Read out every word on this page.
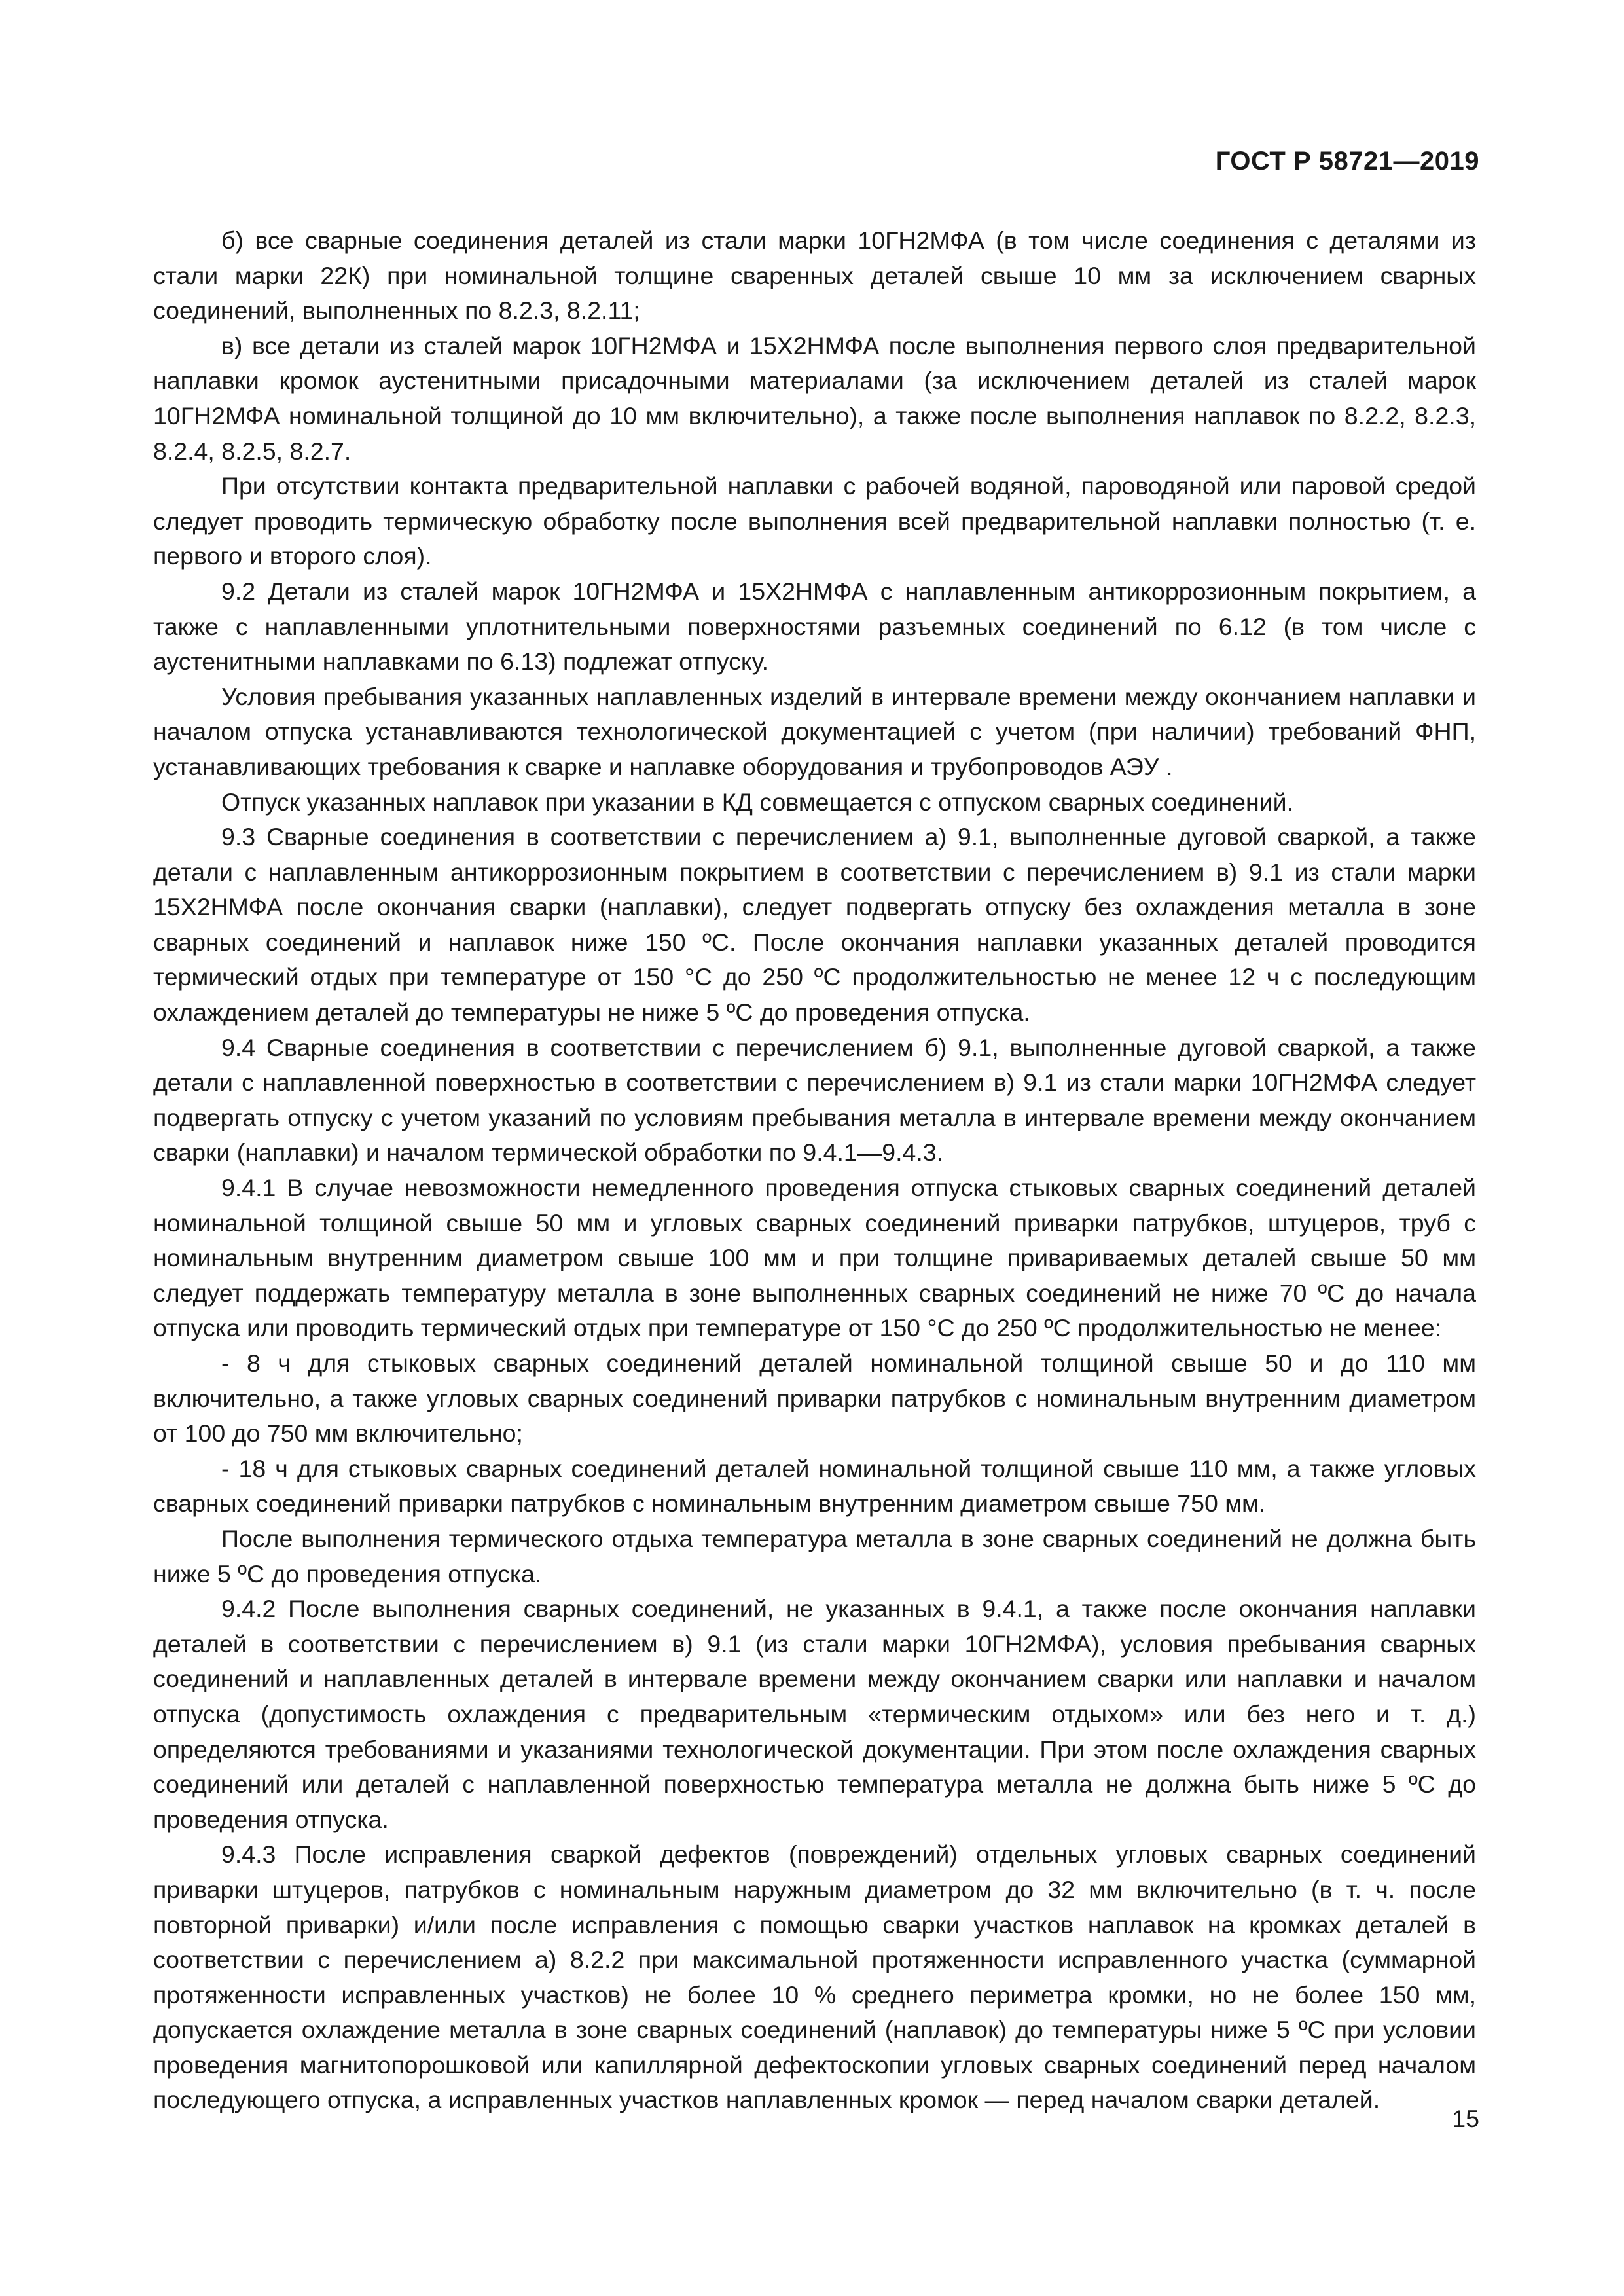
ГОСТ Р 58721—2019

б) все сварные соединения деталей из стали марки 10ГН2МФА (в том числе соединения с деталями из стали марки 22К) при номинальной толщине сваренных деталей свыше 10 мм за исключением сварных соединений, выполненных по 8.2.3, 8.2.11;

в) все детали из сталей марок 10ГН2МФА и 15Х2НМФА после выполнения первого слоя предварительной наплавки кромок аустенитными присадочными материалами (за исключением деталей из сталей марок 10ГН2МФА номинальной толщиной до 10 мм включительно), а также после выполнения наплавок по 8.2.2, 8.2.3, 8.2.4, 8.2.5, 8.2.7.

При отсутствии контакта предварительной наплавки с рабочей водяной, пароводяной или паровой средой следует проводить термическую обработку после выполнения всей предварительной наплавки полностью (т. е. первого и второго слоя).

9.2 Детали из сталей марок 10ГН2МФА и 15Х2НМФА с наплавленным антикоррозионным покрытием, а также с наплавленными уплотнительными поверхностями разъемных соединений по 6.12 (в том числе с аустенитными наплавками по 6.13) подлежат отпуску.

Условия пребывания указанных наплавленных изделий в интервале времени между окончанием наплавки и началом отпуска устанавливаются технологической документацией с учетом (при наличии) требований ФНП, устанавливающих требования к сварке и наплавке оборудования и трубопроводов АЭУ .

Отпуск указанных наплавок при указании в КД совмещается с отпуском сварных соединений.

9.3 Сварные соединения в соответствии с перечислением а) 9.1, выполненные дуговой сваркой, а также детали с наплавленным антикоррозионным покрытием в соответствии с перечислением в) 9.1 из стали марки 15Х2НМФА после окончания сварки (наплавки), следует подвергать отпуску без охлаждения металла в зоне сварных соединений и наплавок ниже 150 ºС. После окончания наплавки указанных деталей проводится термический отдых при температуре от 150 °С до 250 ºС продолжительностью не менее 12 ч с последующим охлаждением деталей до температуры не ниже 5 ºС до проведения отпуска.

9.4 Сварные соединения в соответствии с перечислением б) 9.1, выполненные дуговой сваркой, а также детали с наплавленной поверхностью в соответствии с перечислением в) 9.1 из стали марки 10ГН2МФА следует подвергать отпуску с учетом указаний по условиям пребывания металла в интервале времени между окончанием сварки (наплавки) и началом термической обработки по 9.4.1—9.4.3.

9.4.1 В случае невозможности немедленного проведения отпуска стыковых сварных соединений деталей номинальной толщиной свыше 50 мм и угловых сварных соединений приварки патрубков, штуцеров, труб с номинальным внутренним диаметром свыше 100 мм и при толщине привариваемых деталей свыше 50 мм следует поддержать температуру металла в зоне выполненных сварных соединений не ниже 70 ºС до начала отпуска или проводить термический отдых при температуре от 150 °С до 250 ºС продолжительностью не менее:

- 8 ч для стыковых сварных соединений деталей номинальной толщиной свыше 50 и до 110 мм включительно, а также угловых сварных соединений приварки патрубков с номинальным внутренним диаметром от 100 до 750 мм включительно;

- 18 ч для стыковых сварных соединений деталей номинальной толщиной свыше 110 мм, а также угловых сварных соединений приварки патрубков с номинальным внутренним диаметром свыше 750 мм.

После выполнения термического отдыха температура металла в зоне сварных соединений не должна быть ниже 5 ºС до проведения отпуска.

9.4.2 После выполнения сварных соединений, не указанных в 9.4.1, а также после окончания наплавки деталей в соответствии с перечислением в) 9.1 (из стали марки 10ГН2МФА), условия пребывания сварных соединений и наплавленных деталей в интервале времени между окончанием сварки или наплавки и началом отпуска (допустимость охлаждения с предварительным «термическим отдыхом» или без него и т. д.) определяются требованиями и указаниями технологической документации. При этом после охлаждения сварных соединений или деталей с наплавленной поверхностью температура металла не должна быть ниже 5 ºС до проведения отпуска.

9.4.3 После исправления сваркой дефектов (повреждений) отдельных угловых сварных соединений приварки штуцеров, патрубков с номинальным наружным диаметром до 32 мм включительно (в т. ч. после повторной приварки) и/или после исправления с помощью сварки участков наплавок на кромках деталей в соответствии с перечислением а) 8.2.2 при максимальной протяженности исправленного участка (суммарной протяженности исправленных участков) не более 10 % среднего периметра кромки, но не более 150 мм, допускается охлаждение металла в зоне сварных соединений (наплавок) до температуры ниже 5 ºС при условии проведения магнитопорошковой или капиллярной дефектоскопии угловых сварных соединений перед началом последующего отпуска, а исправленных участков наплавленных кромок — перед началом сварки деталей.

15
